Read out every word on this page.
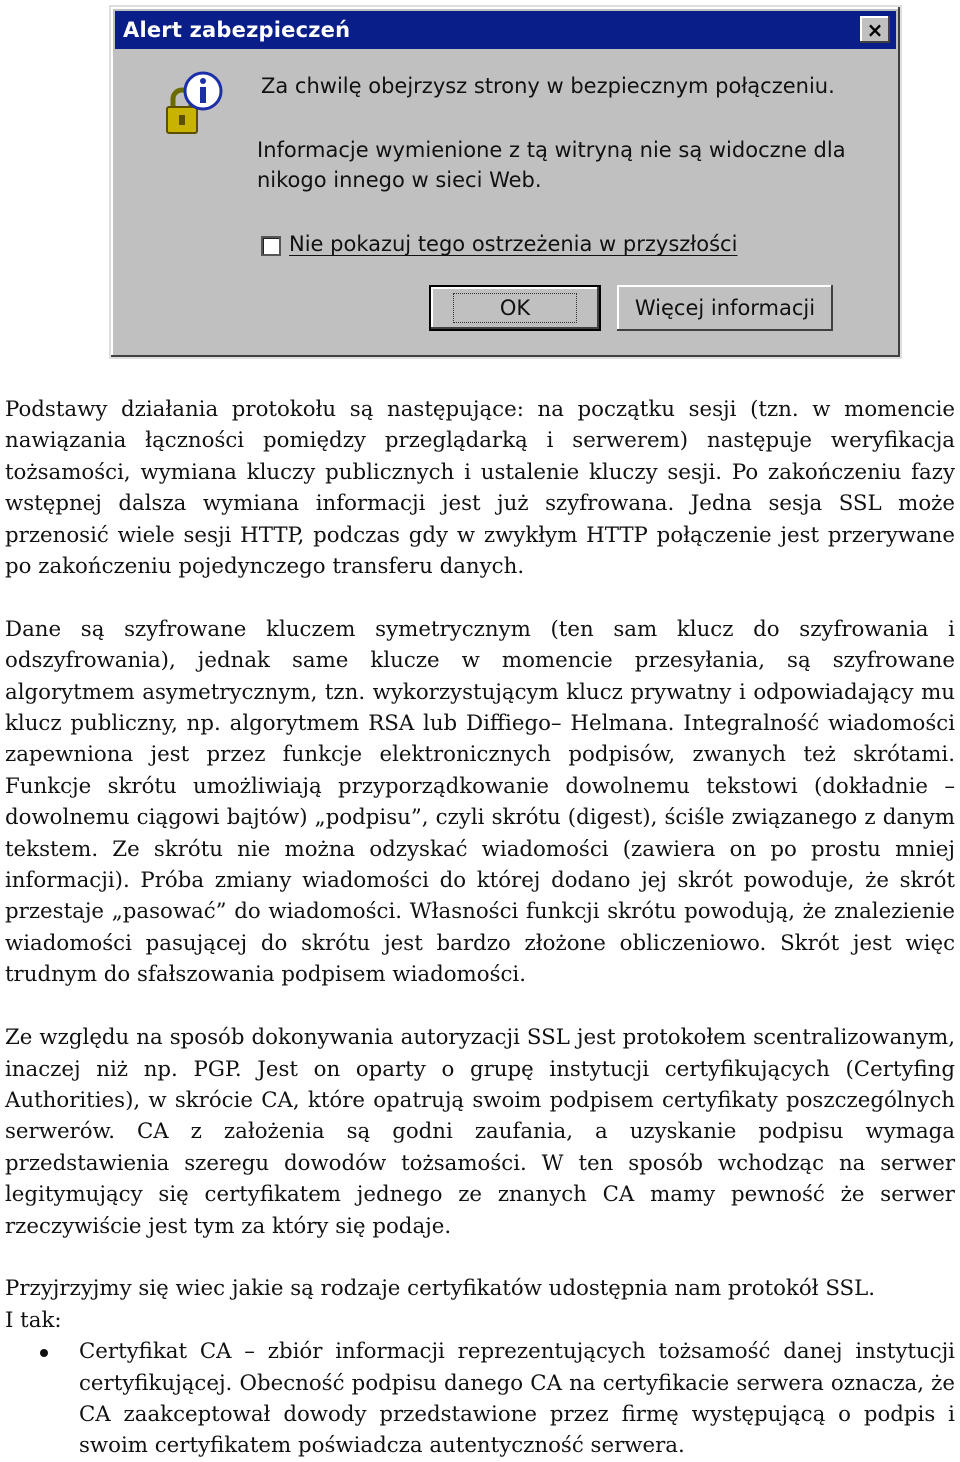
Alert zabezpieczeń	×
Za chwilę obejrzysz strony w bezpiecznym połączeniu.
Informacje wymienione z tą witryną nie są widoczne dla nikogo innego w sieci Web.
Nie pokazuj tego ostrzeżenia w przyszłości
OK	Więcej informacji

Podstawy działania protokołu są następujące: na początku sesji (tzn. w momencie nawiązania łączności pomiędzy przeglądarką i serwerem) następuje weryfikacja tożsamości, wymiana kluczy publicznych i ustalenie kluczy sesji. Po zakończeniu fazy wstępnej dalsza wymiana informacji jest już szyfrowana. Jedna sesja SSL może przenosić wiele sesji HTTP, podczas gdy w zwykłym HTTP połączenie jest przerywane po zakończeniu pojedynczego transferu danych.

Dane są szyfrowane kluczem symetrycznym (ten sam klucz do szyfrowania i odszyfrowania), jednak same klucze w momencie przesyłania, są szyfrowane algorytmem asymetrycznym, tzn. wykorzystującym klucz prywatny i odpowiadający mu klucz publiczny, np. algorytmem RSA lub Diffiego– Helmana. Integralność wiadomości zapewniona jest przez funkcje elektronicznych podpisów, zwanych też skrótami. Funkcje skrótu umożliwiają przyporządkowanie dowolnemu tekstowi (dokładnie – dowolnemu ciągowi bajtów) „podpisu”, czyli skrótu (digest), ściśle związanego z danym tekstem. Ze skrótu nie można odzyskać wiadomości (zawiera on po prostu mniej informacji). Próba zmiany wiadomości do której dodano jej skrót powoduje, że skrót przestaje „pasować” do wiadomości. Własności funkcji skrótu powodują, że znalezienie wiadomości pasującej do skrótu jest bardzo złożone obliczeniowo. Skrót jest więc trudnym do sfałszowania podpisem wiadomości.

Ze względu na sposób dokonywania autoryzacji SSL jest protokołem scentralizowanym, inaczej niż np. PGP. Jest on oparty o grupę instytucji certyfikujących (Certyfing Authorities), w skrócie CA, które opatrują swoim podpisem certyfikaty poszczególnych serwerów. CA z założenia są godni zaufania, a uzyskanie podpisu wymaga przedstawienia szeregu dowodów tożsamości. W ten sposób wchodząc na serwer legitymujący się certyfikatem jednego ze znanych CA mamy pewność że serwer rzeczywiście jest tym za który się podaje.

Przyjrzyjmy się wiec jakie są rodzaje certyfikatów udostępnia nam protokół SSL.
I tak:

Certyfikat CA – zbiór informacji reprezentujących tożsamość danej instytucji certyfikującej. Obecność podpisu danego CA na certyfikacie serwera oznacza, że CA zaakceptował dowody przedstawione przez firmę występującą o podpis i swoim certyfikatem poświadcza autentyczność serwera.
